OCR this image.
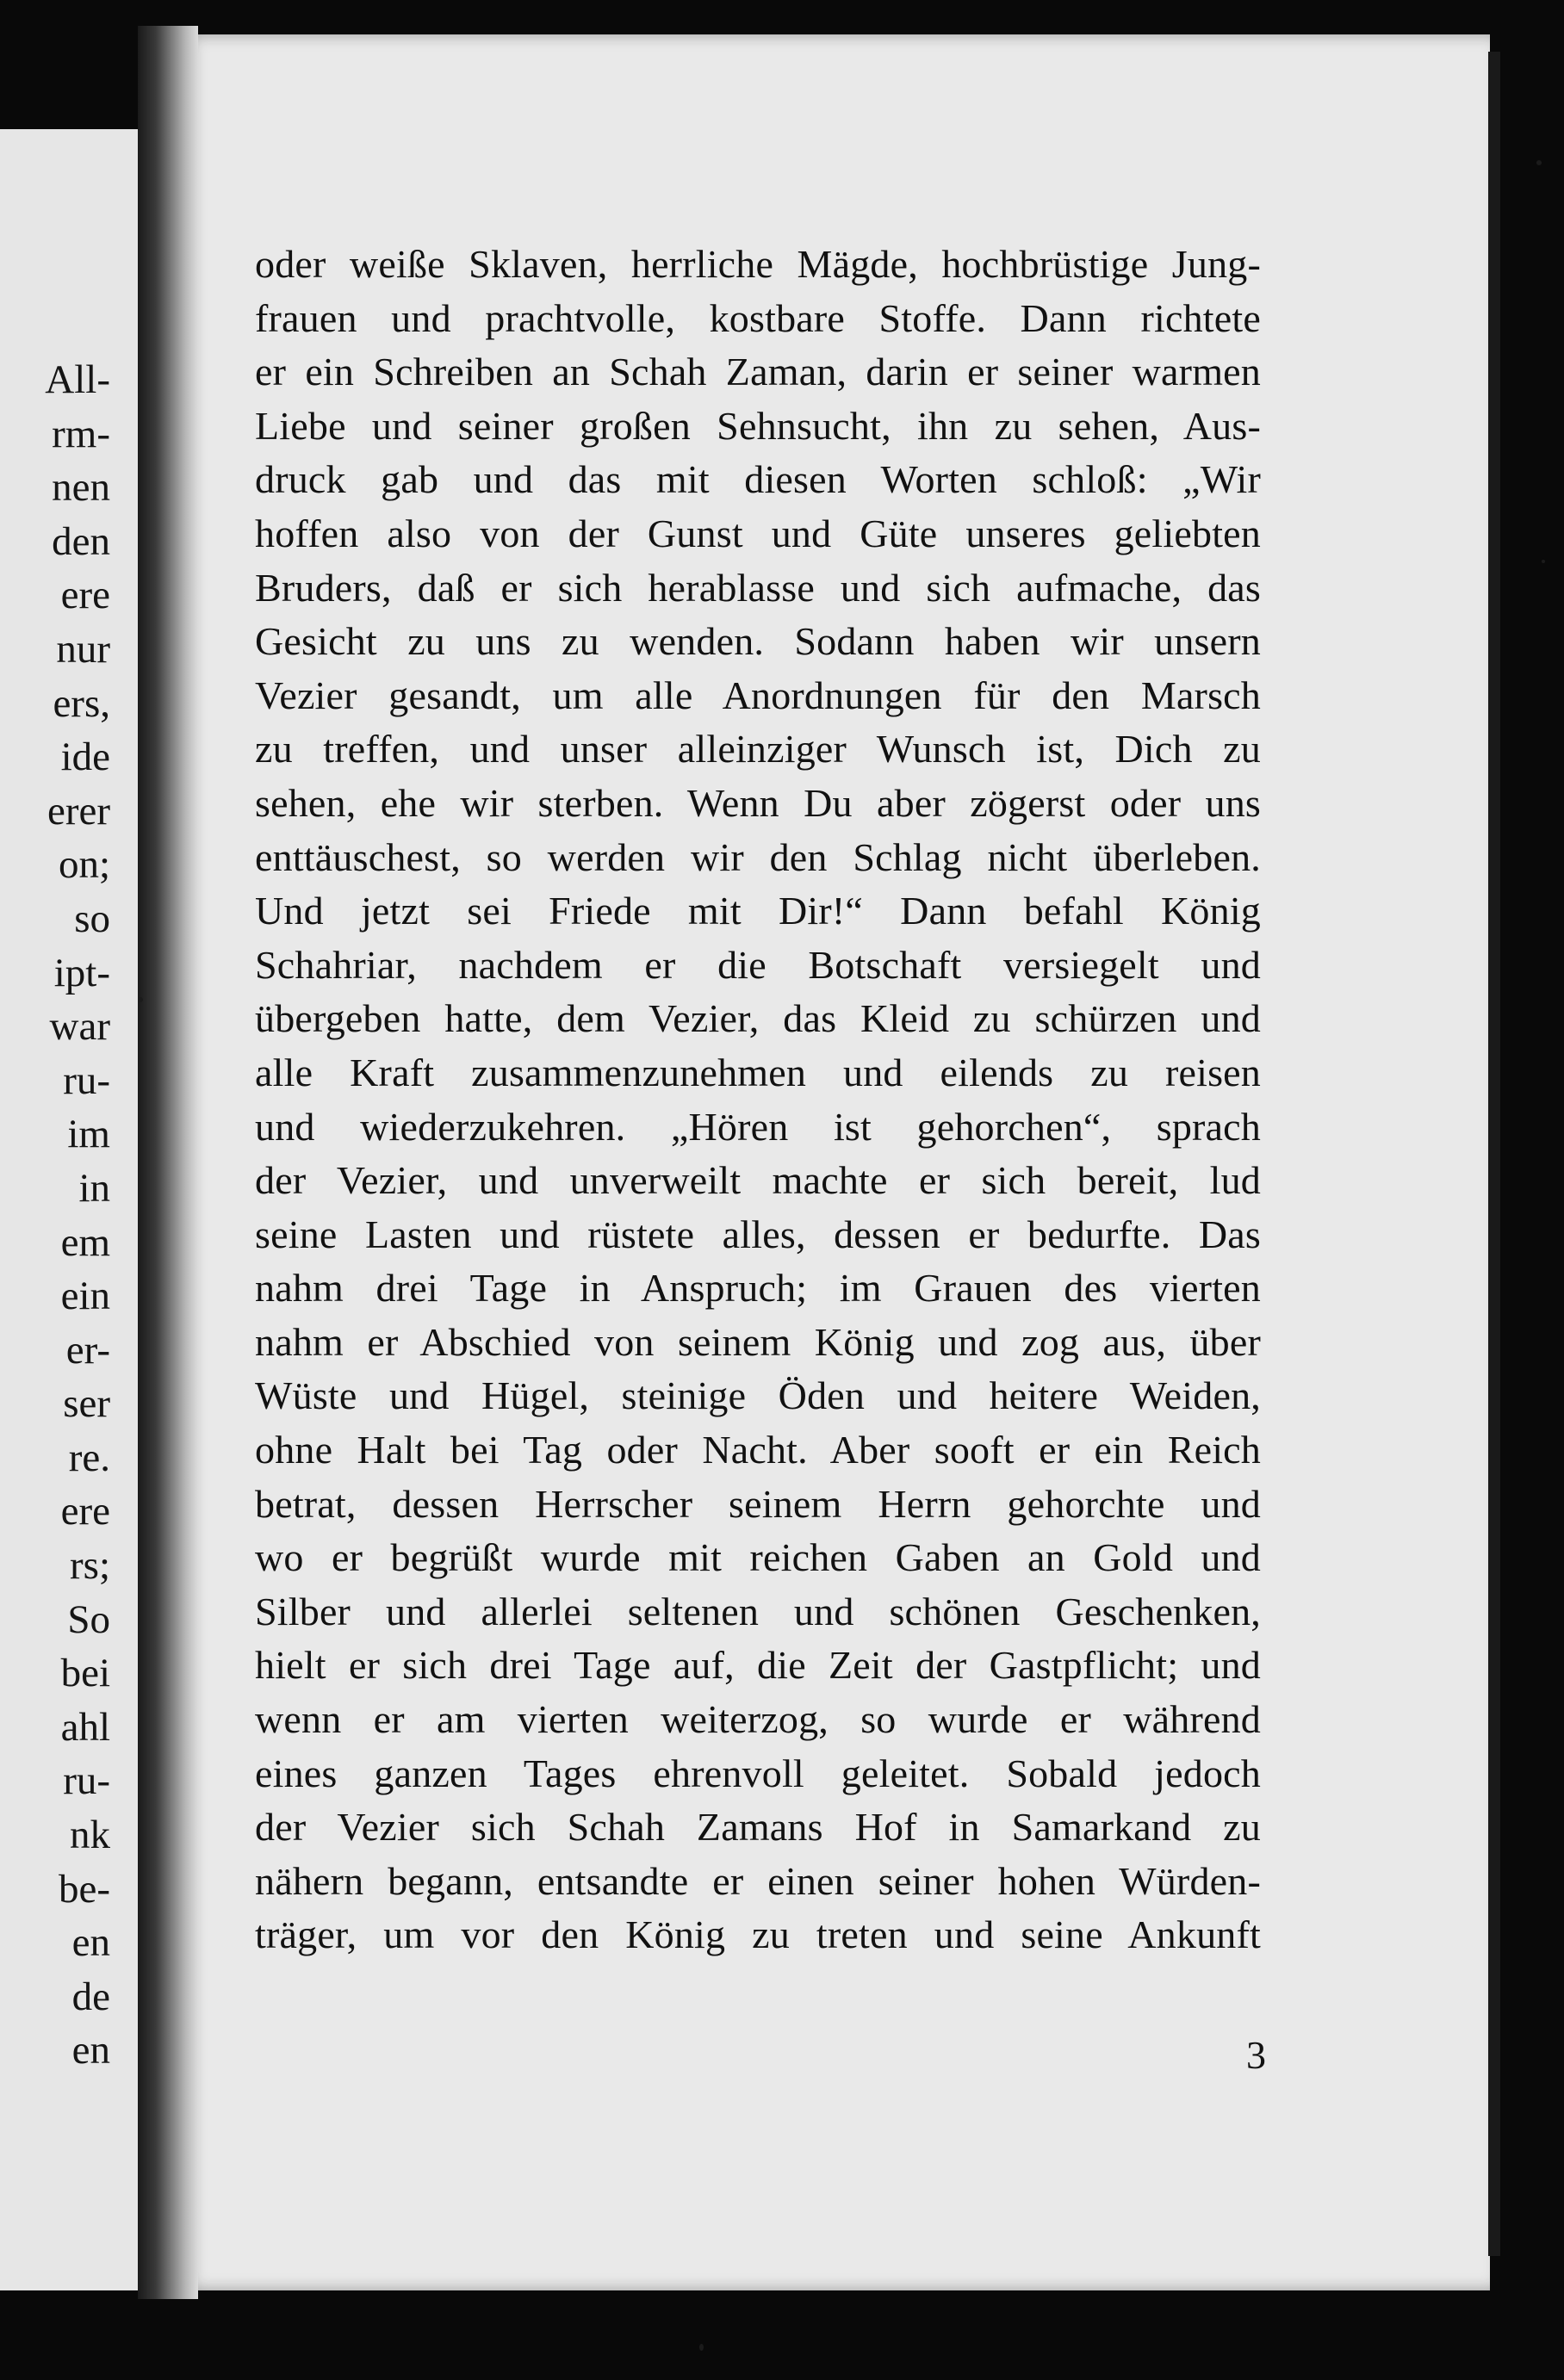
All-
rm-
nen
den
ere
nur
ers,
ide
erer
on;
so
ipt-
war
ru-
im
in
em
ein
er-
ser
re.
ere
rs;
So
bei
ahl
ru-
nk
be-
en
de
en
oder weiße Sklaven, herrliche Mägde, hochbrüstige Jung-
frauen und prachtvolle, kostbare Stoffe. Dann richtete
er ein Schreiben an Schah Zaman, darin er seiner warmen
Liebe und seiner großen Sehnsucht, ihn zu sehen, Aus-
druck gab und das mit diesen Worten schloß: „Wir
hoffen also von der Gunst und Güte unseres geliebten
Bruders, daß er sich herablasse und sich aufmache, das
Gesicht zu uns zu wenden. Sodann haben wir unsern
Vezier gesandt, um alle Anordnungen für den Marsch
zu treffen, und unser alleinziger Wunsch ist, Dich zu
sehen, ehe wir sterben. Wenn Du aber zögerst oder uns
enttäuschest, so werden wir den Schlag nicht überleben.
Und jetzt sei Friede mit Dir!“ Dann befahl König
Schahriar, nachdem er die Botschaft versiegelt und
übergeben hatte, dem Vezier, das Kleid zu schürzen und
alle Kraft zusammenzunehmen und eilends zu reisen
und wiederzukehren. „Hören ist gehorchen“, sprach
der Vezier, und unverweilt machte er sich bereit, lud
seine Lasten und rüstete alles, dessen er bedurfte. Das
nahm drei Tage in Anspruch; im Grauen des vierten
nahm er Abschied von seinem König und zog aus, über
Wüste und Hügel, steinige Öden und heitere Weiden,
ohne Halt bei Tag oder Nacht. Aber sooft er ein Reich
betrat, dessen Herrscher seinem Herrn gehorchte und
wo er begrüßt wurde mit reichen Gaben an Gold und
Silber und allerlei seltenen und schönen Geschenken,
hielt er sich drei Tage auf, die Zeit der Gastpflicht; und
wenn er am vierten weiterzog, so wurde er während
eines ganzen Tages ehrenvoll geleitet. Sobald jedoch
der Vezier sich Schah Zamans Hof in Samarkand zu
nähern begann, entsandte er einen seiner hohen Würden-
träger, um vor den König zu treten und seine Ankunft
3
